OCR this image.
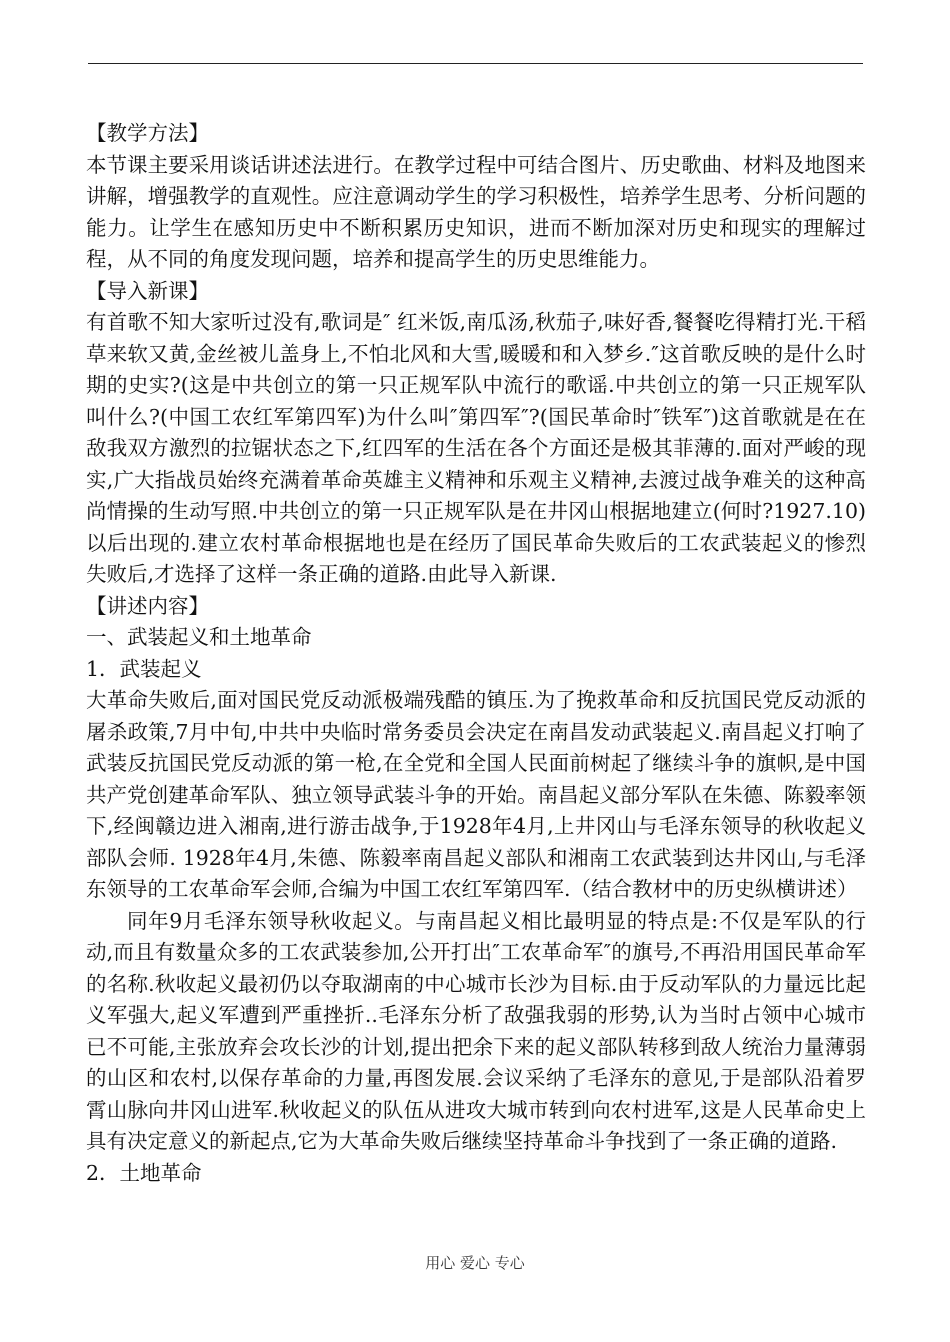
【教学方法】

本节课主要采用谈话讲述法进行。在教学过程中可结合图片、历史歌曲、材料及地图来讲解，增强教学的直观性。应注意调动学生的学习积极性，培养学生思考、分析问题的能力。让学生在感知历史中不断积累历史知识，进而不断加深对历史和现实的理解过程，从不同的角度发现问题，培养和提高学生的历史思维能力。

【导入新课】

有首歌不知大家听过没有,歌词是″ 红米饭,南瓜汤,秋茄子,味好香,餐餐吃得精打光.干稻草来软又黄,金丝被儿盖身上,不怕北风和大雪,暖暖和和入梦乡.″这首歌反映的是什么时期的史实?(这是中共创立的第一只正规军队中流行的歌谣.中共创立的第一只正规军队叫什么?(中国工农红军第四军)为什么叫″第四军″?(国民革命时″铁军″)这首歌就是在在敌我双方激烈的拉锯状态之下,红四军的生活在各个方面还是极其菲薄的.面对严峻的现实,广大指战员始终充满着革命英雄主义精神和乐观主义精神,去渡过战争难关的这种高尚情操的生动写照.中共创立的第一只正规军队是在井冈山根据地建立(何时?1927.10)以后出现的.建立农村革命根据地也是在经历了国民革命失败后的工农武装起义的惨烈失败后,才选择了这样一条正确的道路.由此导入新课.

【讲述内容】

一、武装起义和土地革命

1．武装起义

大革命失败后,面对国民党反动派极端残酷的镇压.为了挽救革命和反抗国民党反动派的屠杀政策,7月中旬,中共中央临时常务委员会决定在南昌发动武装起义.南昌起义打响了武装反抗国民党反动派的第一枪,在全党和全国人民面前树起了继续斗争的旗帜,是中国共产党创建革命军队、独立领导武装斗争的开始。南昌起义部分军队在朱德、陈毅率领下,经闽赣边进入湘南,进行游击战争,于1928年4月,上井冈山与毛泽东领导的秋收起义部队会师. 1928年4月,朱德、陈毅率南昌起义部队和湘南工农武装到达井冈山,与毛泽东领导的工农革命军会师,合编为中国工农红军第四军.（结合教材中的历史纵横讲述）

同年9月毛泽东领导秋收起义。与南昌起义相比最明显的特点是:不仅是军队的行动,而且有数量众多的工农武装参加,公开打出″工农革命军″的旗号,不再沿用国民革命军的名称.秋收起义最初仍以夺取湖南的中心城市长沙为目标.由于反动军队的力量远比起义军强大,起义军遭到严重挫折..毛泽东分析了敌强我弱的形势,认为当时占领中心城市已不可能,主张放弃会攻长沙的计划,提出把余下来的起义部队转移到敌人统治力量薄弱的山区和农村,以保存革命的力量,再图发展.会议采纳了毛泽东的意见,于是部队沿着罗霄山脉向井冈山进军.秋收起义的队伍从进攻大城市转到向农村进军,这是人民革命史上具有决定意义的新起点,它为大革命失败后继续坚持革命斗争找到了一条正确的道路.

2．土地革命

用心 爱心 专心
